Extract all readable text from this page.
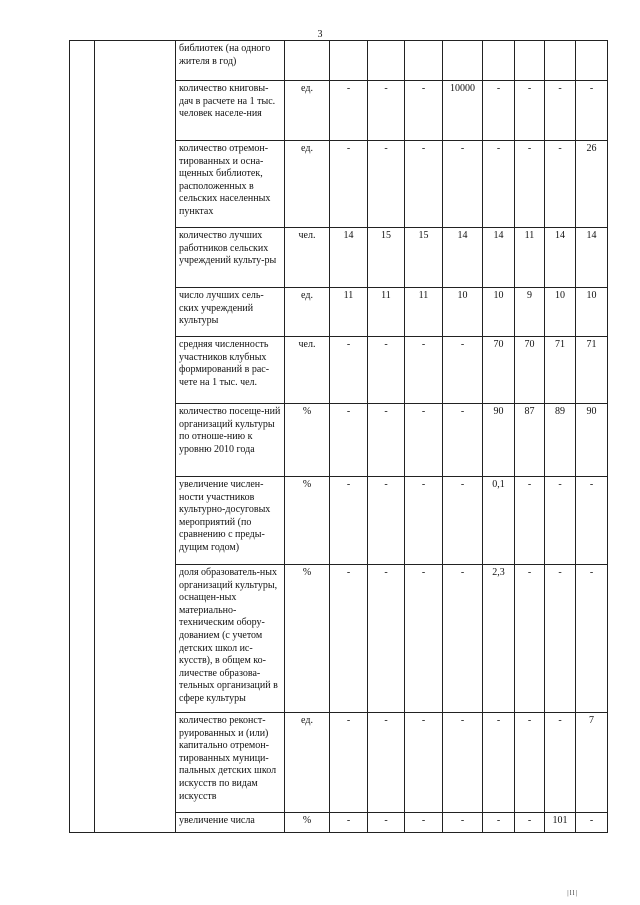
3
		библиотек (на одного жителя в год)									
		количество книговы-дач в расчете на 1 тыс. человек населе-ния	ед.	-	-	-	10000	-	-	-	-
		количество отремон-тированных и осна-щенных библиотек, расположенных в сельских населенных пунктах	ед.	-	-	-	-	-	-	-	26
		количество лучших работников сельских учреждений культу-ры	чел.	14	15	15	14	14	11	14	14
		число лучших сель-ских учреждений культуры	ед.	11	11	11	10	10	9	10	10
		средняя численность участников клубных формирований в рас-чете на 1 тыс. чел.	чел.	-	-	-	-	70	70	71	71
		количество посеще-ний организаций культуры по отноше-нию к уровню 2010 года	%	-	-	-	-	90	87	89	90
		увеличение числен-ности участников культурно-досуговых мероприятий (по сравнению с преды-дущим годом)	%	-	-	-	-	0,1	-	-	-
		доля образователь-ных организаций культуры, оснащен-ных материально-техническим обору-дованием (с учетом детских школ ис-кусств), в общем ко-личестве образова-тельных организаций в сфере культуры	%	-	-	-	-	2,3	-	-	-
		количество реконст-руированных и (или) капитально отремон-тированных муници-пальных детских школ искусств по видам искусств	ед.	-	-	-	-	-	-	-	7
		увеличение числа	%	-	-	-	-	-	-	101	-
|ll|
